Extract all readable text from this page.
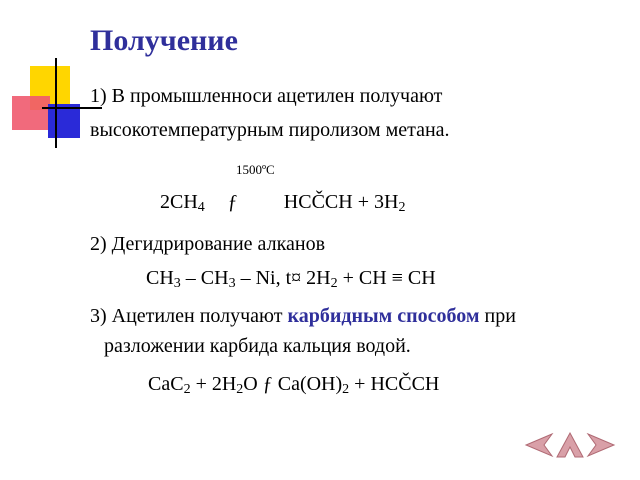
Получение
1) В промышленноси ацетилен получают
высокотемпературным пиролизом метана.
1500ºC
$2CH_4$ ƒ HCČCH + $3H_2$
2) Дегидрирование алканов
$CH_3 - CH_3$ – Ni, t¤ $2H_2$ + CH ≡ CH
3) Ацетилен получают карбидным способом при
разложении карбида кальция водой.
$CaC_2 + 2H_2O$ ƒ $Ca(OH)_2$ + HCČCH
